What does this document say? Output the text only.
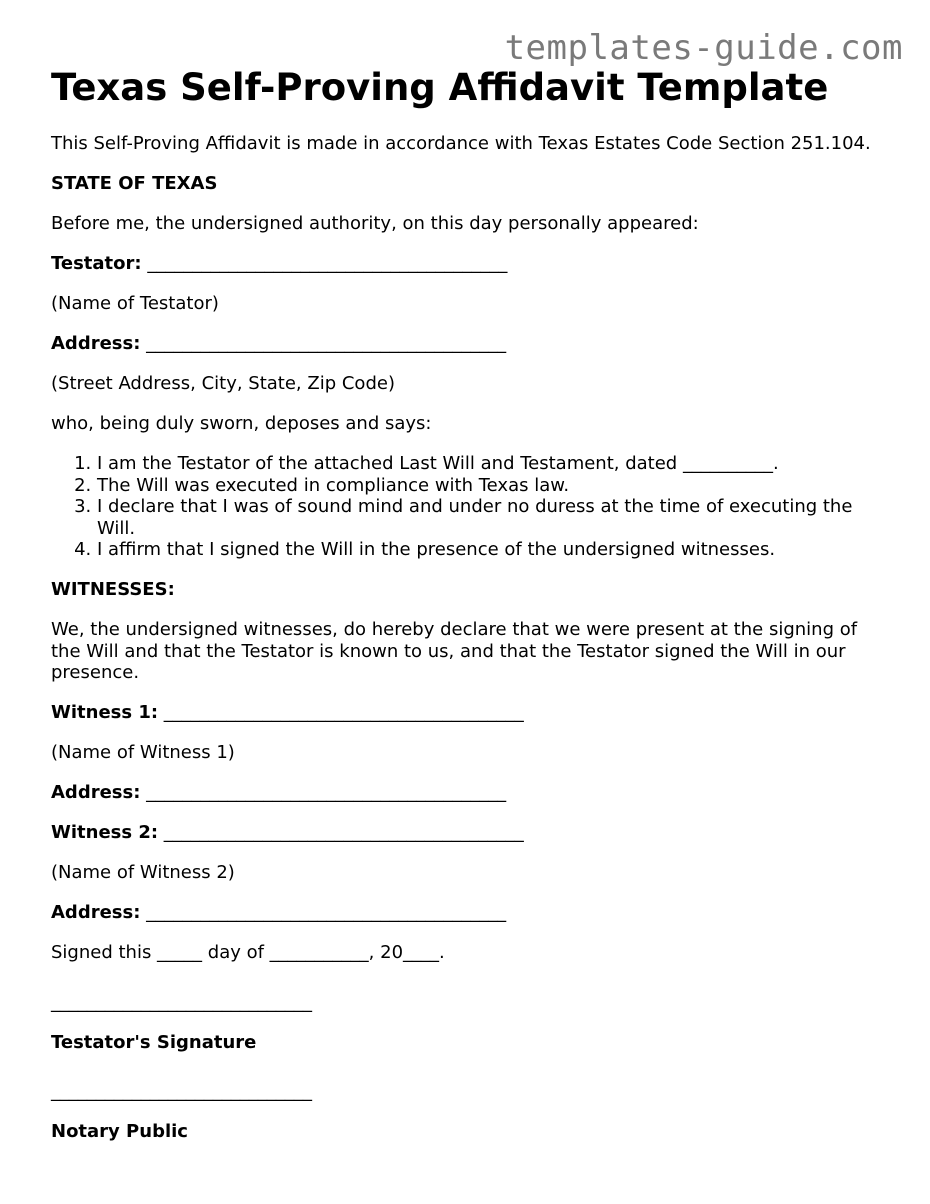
templates-guide.com
Texas Self-Proving Affidavit Template

This Self-Proving Affidavit is made in accordance with Texas Estates Code Section 251.104.

STATE OF TEXAS

Before me, the undersigned authority, on this day personally appeared:

Testator: ________________________________________

(Name of Testator)

Address: ________________________________________

(Street Address, City, State, Zip Code)

who, being duly sworn, deposes and says:

1. I am the Testator of the attached Last Will and Testament, dated __________.
2. The Will was executed in compliance with Texas law.
3. I declare that I was of sound mind and under no duress at the time of executing the Will.
4. I affirm that I signed the Will in the presence of the undersigned witnesses.

WITNESSES:

We, the undersigned witnesses, do hereby declare that we were present at the signing of the Will and that the Testator is known to us, and that the Testator signed the Will in our presence.

Witness 1: ________________________________________

(Name of Witness 1)

Address: ________________________________________

Witness 2: ________________________________________

(Name of Witness 2)

Address: ________________________________________

Signed this _____ day of ___________, 20____.

_____________________________

Testator's Signature

_____________________________

Notary Public
